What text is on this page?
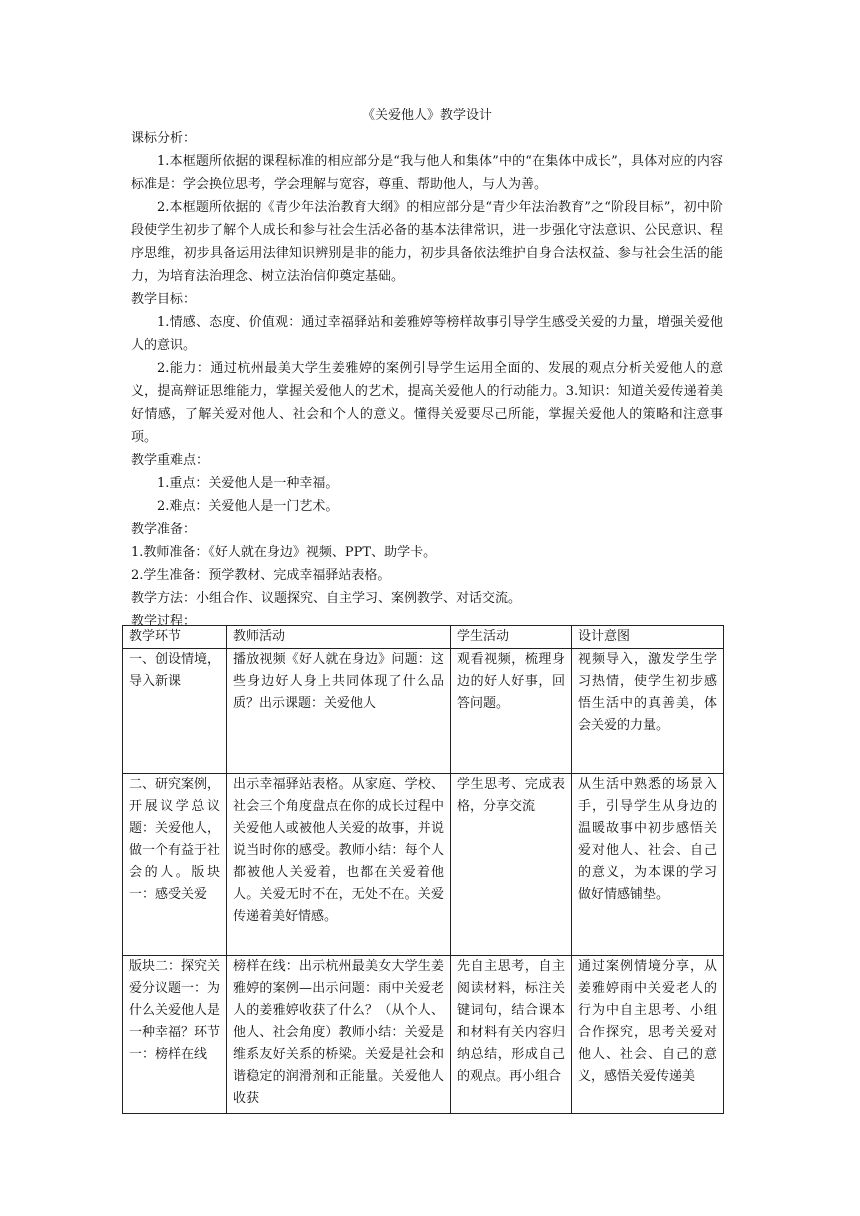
《关爱他人》教学设计

课标分析：

1.本框题所依据的课程标准的相应部分是“我与他人和集体”中的“在集体中成长”，具体对应的内容标准是：学会换位思考，学会理解与宽容，尊重、帮助他人，与人为善。

2.本框题所依据的《青少年法治教育大纲》的相应部分是“青少年法治教育”之“阶段目标”，初中阶段使学生初步了解个人成长和参与社会生活必备的基本法律常识，进一步强化守法意识、公民意识、程序思维，初步具备运用法律知识辨别是非的能力，初步具备依法维护自身合法权益、参与社会生活的能力，为培育法治理念、树立法治信仰奠定基础。

教学目标：

1.情感、态度、价值观：通过幸福驿站和姜雅婷等榜样故事引导学生感受关爱的力量，增强关爱他人的意识。

2.能力：通过杭州最美大学生姜雅婷的案例引导学生运用全面的、发展的观点分析关爱他人的意义，提高辩证思维能力，掌握关爱他人的艺术，提高关爱他人的行动能力。3.知识：知道关爱传递着美好情感，了解关爱对他人、社会和个人的意义。懂得关爱要尽己所能，掌握关爱他人的策略和注意事项。

教学重难点：

1.重点：关爱他人是一种幸福。

2.难点：关爱他人是一门艺术。

教学准备：

1.教师准备：《好人就在身边》视频、PPT、助学卡。

2.学生准备：预学教材、完成幸福驿站表格。

教学方法：小组合作、议题探究、自主学习、案例教学、对话交流。

教学过程：

教学环节	教师活动	学生活动	设计意图
一、创设情境，导入新课	播放视频《好人就在身边》问题：这些身边好人身上共同体现了什么品质？出示课题：关爱他人	观看视频，梳理身边的好人好事，回答问题。	视频导入，激发学生学习热情，使学生初步感悟生活中的真善美，体会关爱的力量。
二、研究案例，开展议学总议题：关爱他人，做一个有益于社会的人。版块一：感受关爱	出示幸福驿站表格。从家庭、学校、社会三个角度盘点在你的成长过程中关爱他人或被他人关爱的故事，并说说当时你的感受。教师小结：每个人都被他人关爱着，也都在关爱着他人。关爱无时不在，无处不在。关爱传递着美好情感。	学生思考、完成表格，分享交流	从生活中熟悉的场景入手，引导学生从身边的温暖故事中初步感悟关爱对他人、社会、自己的意义，为本课的学习做好情感铺垫。
版块二：探究关爱分议题一：为什么关爱他人是一种幸福？环节一：榜样在线	榜样在线：出示杭州最美女大学生姜雅婷的案例—出示问题：雨中关爱老人的姜雅婷收获了什么？（从个人、他人、社会角度）教师小结：关爱是维系友好关系的桥梁。关爱是社会和谐稳定的润滑剂和正能量。关爱他人收获	先自主思考，自主阅读材料，标注关键词句，结合课本和材料有关内容归纳总结，形成自己的观点。再小组合	通过案例情境分享，从姜雅婷雨中关爱老人的行为中自主思考、小组合作探究，思考关爱对他人、社会、自己的意义，感悟关爱传递美
